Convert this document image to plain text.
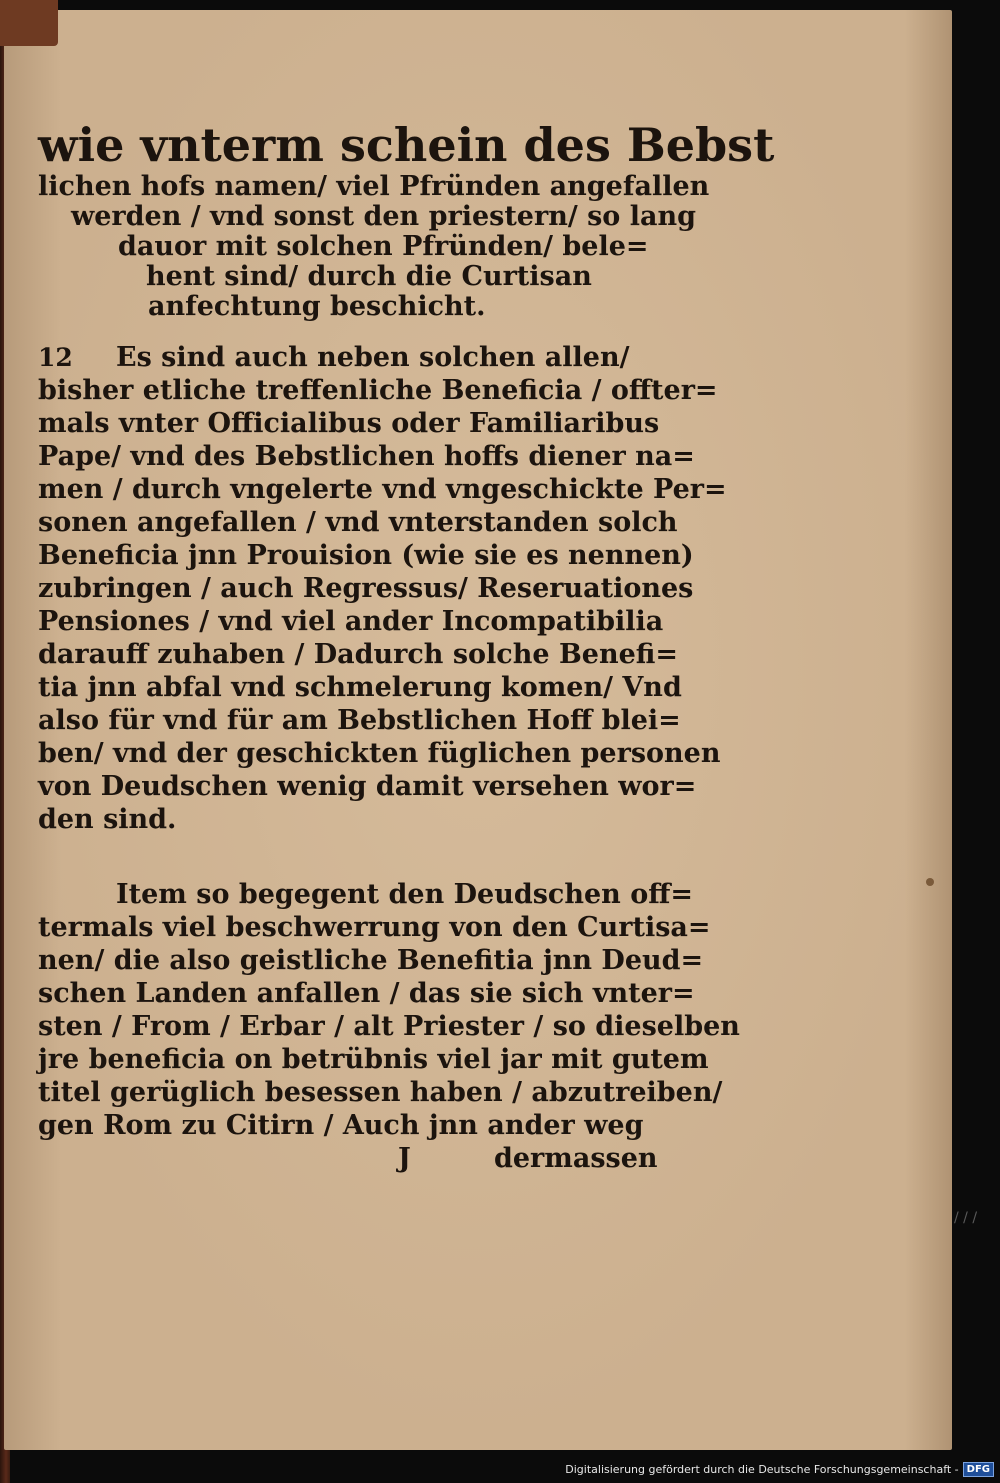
wie vnterm schein des Bebst
lichen hofs namen/ viel Pfründen angefallen
werden / vnd sonst den priestern/ so lang
dauor mit solchen Pfründen/ bele=
hent sind/ durch die Curtisan
anfechtung beschicht.
12 Es sind auch neben solchen allen/
bisher etliche treffenliche Beneficia / offter=
mals vnter Officialibus oder Familiaribus
Pape/ vnd des Bebstlichen hoffs diener na=
men / durch vngelerte vnd vngeschickte Per=
sonen angefallen / vnd vnterstanden solch
Beneficia jnn Prouision (wie sie es nennen)
zubringen / auch Regressus/ Reseruationes
Pensiones / vnd viel ander Incompatibilia
darauff zuhaben / Dadurch solche Benefi=
tia jnn abfal vnd schmelerung komen/ Vnd
also für vnd für am Bebstlichen Hoff blei=
ben/ vnd der geschickten füglichen personen
von Deudschen wenig damit versehen wor=
den sind.
Item so begegent den Deudschen off=
termals viel beschwerrung von den Curtisa=
nen/ die also geistliche Benefitia jnn Deud=
schen Landen anfallen / das sie sich vnter=
sten / From / Erbar / alt Priester / so dieselben
jre beneficia on betrübnis viel jar mit gutem
titel gerüglich besessen haben / abzutreiben/
gen Rom zu Citirn / Auch jnn ander weg
J	dermassen
/ / /
Digitalisierung gefördert durch die Deutsche Forschungsgemeinschaft - DFG
